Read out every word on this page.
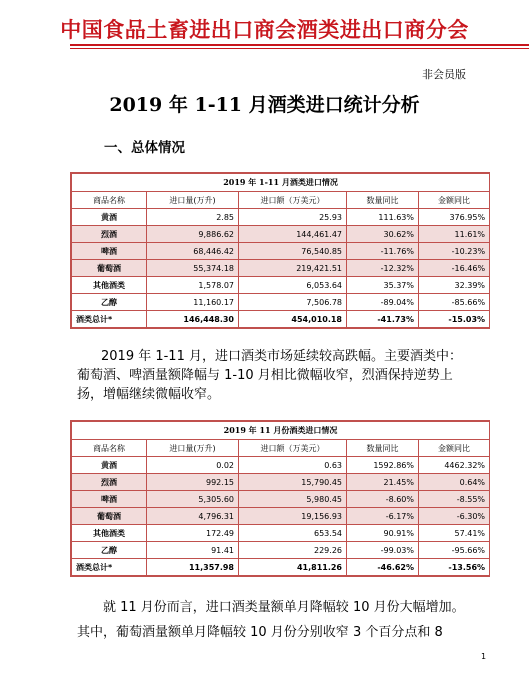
中国食品土畜进出口商会酒类进出口商分会
非会员版
2019 年 1-11 月酒类进口统计分析
一、总体情况
2019 年 1-11 月酒类进口情况				
商品名称	进口量(万升)	进口额（万美元）	数量同比	金额同比
黄酒	2.85	25.93	111.63%	376.95%
烈酒	9,886.62	144,461.47	30.62%	11.61%
啤酒	68,446.42	76,540.85	-11.76%	-10.23%
葡萄酒	55,374.18	219,421.51	-12.32%	-16.46%
其他酒类	1,578.07	6,053.64	35.37%	32.39%
乙醇	11,160.17	7,506.78	-89.04%	-85.66%
酒类总计*	146,448.30	454,010.18	-41.73%	-15.03%
2019 年 1-11 月，进口酒类市场延续较高跌幅。主要酒类中：
葡萄酒、啤酒量额降幅与 1-10 月相比微幅收窄，烈酒保持逆势上
扬，增幅继续微幅收窄。
2019 年 11 月份酒类进口情况				
商品名称	进口量(万升)	进口额（万美元）	数量同比	金额同比
黄酒	0.02	0.63	1592.86%	4462.32%
烈酒	992.15	15,790.45	21.45%	0.64%
啤酒	5,305.60	5,980.45	-8.60%	-8.55%
葡萄酒	4,796.31	19,156.93	-6.17%	-6.30%
其他酒类	172.49	653.54	90.91%	57.41%
乙醇	91.41	229.26	-99.03%	-95.66%
酒类总计*	11,357.98	41,811.26	-46.62%	-13.56%
就 11 月份而言，进口酒类量额单月降幅较 10 月份大幅增加。
其中，葡萄酒量额单月降幅较 10 月份分别收窄 3 个百分点和 8
1
